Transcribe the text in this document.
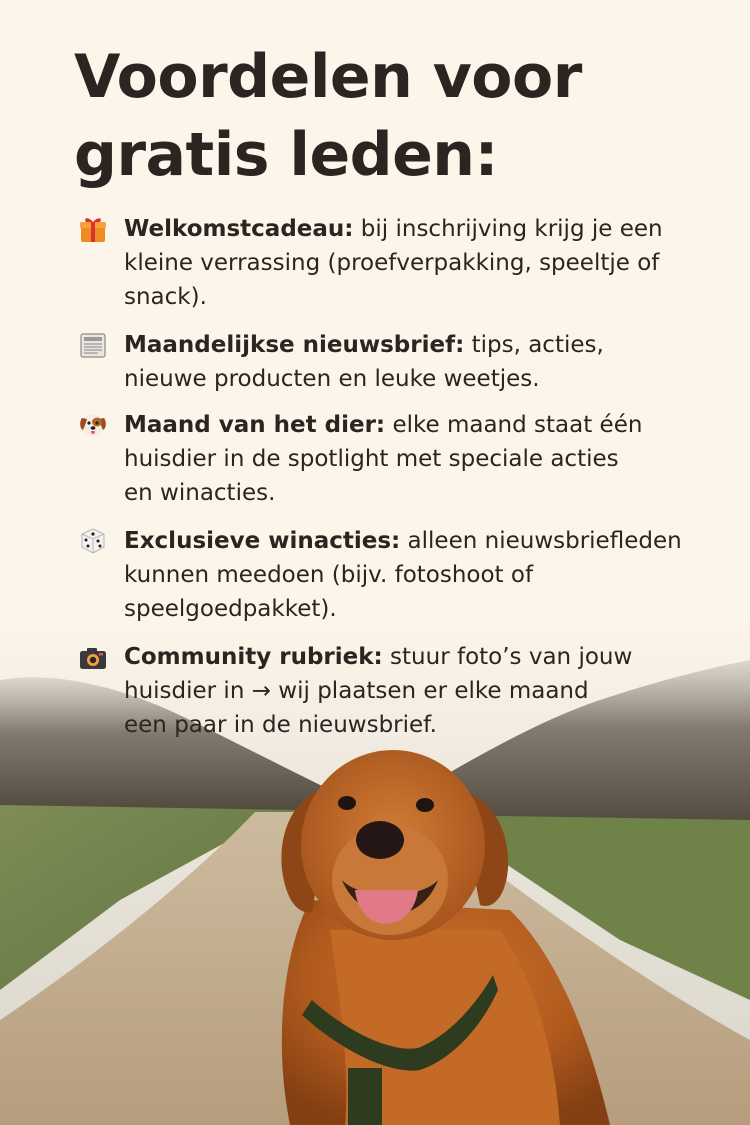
Voordelen voor
gratis leden:
Welkomstcadeau: bij inschrijving krijg je een
kleine verrassing (proefverpakking, speeltje of
snack).
Maandelijkse nieuwsbrief: tips, acties,
nieuwe producten en leuke weetjes.
Maand van het dier: elke maand staat één
huisdier in de spotlight met speciale acties
en winacties.
Exclusieve winacties: alleen nieuwsbriefleden
kunnen meedoen (bijv. fotoshoot of
speelgoedpakket).
Community rubriek: stuur foto’s van jouw
huisdier in → wij plaatsen er elke maand
een paar in de nieuwsbrief.
